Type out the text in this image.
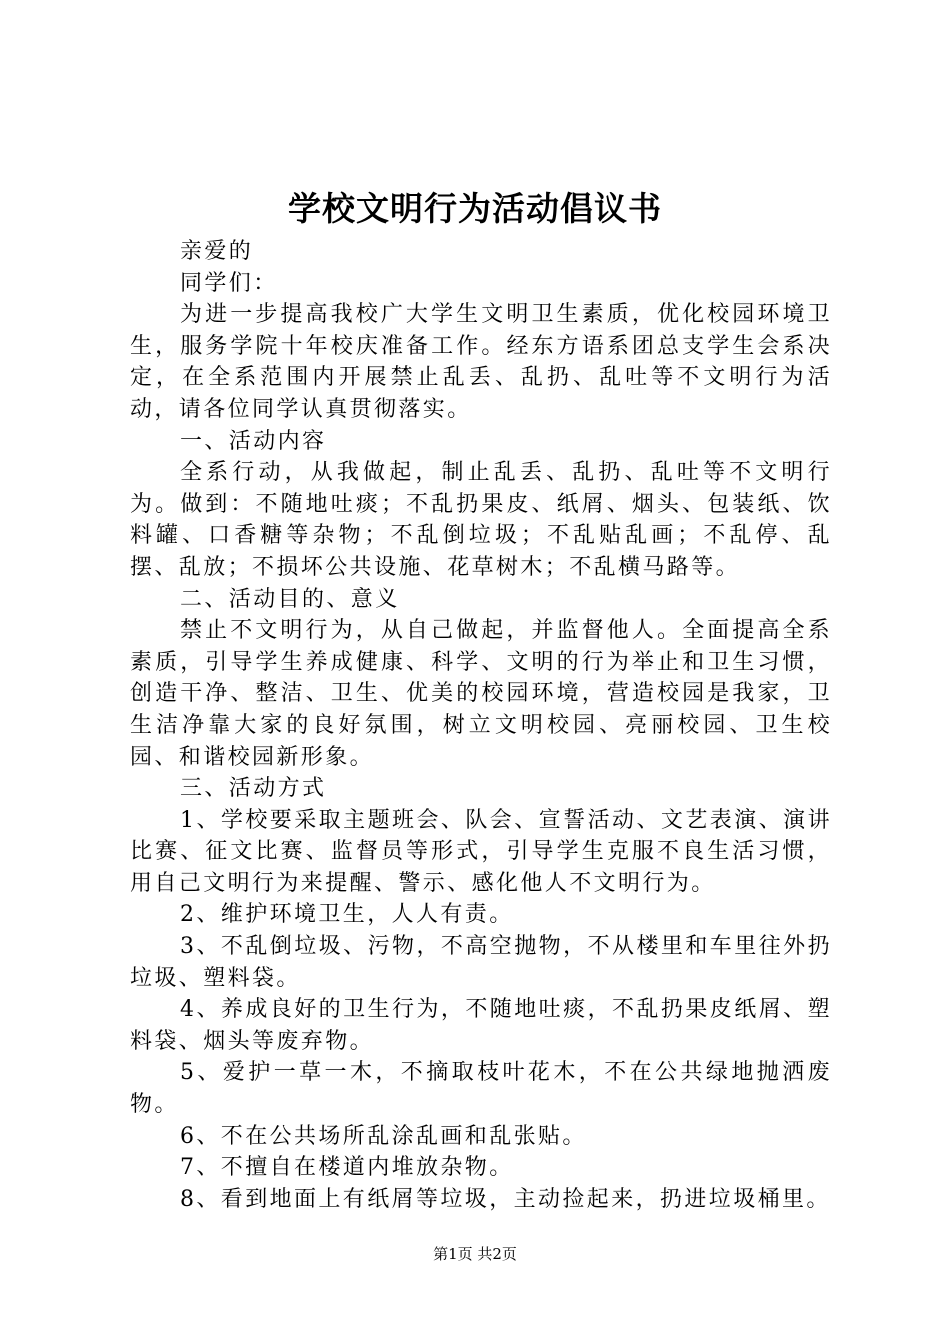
学校文明行为活动倡议书

亲爱的

同学们：

为进一步提高我校广大学生文明卫生素质，优化校园环境卫生，服务学院十年校庆准备工作。经东方语系团总支学生会系决定，在全系范围内开展禁止乱丢、乱扔、乱吐等不文明行为活动，请各位同学认真贯彻落实。

一、活动内容

全系行动，从我做起，制止乱丢、乱扔、乱吐等不文明行为。做到：不随地吐痰；不乱扔果皮、纸屑、烟头、包装纸、饮料罐、口香糖等杂物；不乱倒垃圾；不乱贴乱画；不乱停、乱摆、乱放；不损坏公共设施、花草树木；不乱横马路等。

二、活动目的、意义

禁止不文明行为，从自己做起，并监督他人。全面提高全系素质，引导学生养成健康、科学、文明的行为举止和卫生习惯，创造干净、整洁、卫生、优美的校园环境，营造校园是我家，卫生洁净靠大家的良好氛围，树立文明校园、亮丽校园、卫生校园、和谐校园新形象。

三、活动方式

1、学校要采取主题班会、队会、宣誓活动、文艺表演、演讲比赛、征文比赛、监督员等形式，引导学生克服不良生活习惯，用自己文明行为来提醒、警示、感化他人不文明行为。

2、维护环境卫生，人人有责。

3、不乱倒垃圾、污物，不高空抛物，不从楼里和车里往外扔垃圾、塑料袋。

4、养成良好的卫生行为，不随地吐痰，不乱扔果皮纸屑、塑料袋、烟头等废弃物。

5、爱护一草一木，不摘取枝叶花木，不在公共绿地抛洒废物。

6、不在公共场所乱涂乱画和乱张贴。

7、不擅自在楼道内堆放杂物。

8、看到地面上有纸屑等垃圾，主动捡起来，扔进垃圾桶里。

第1页 共2页
